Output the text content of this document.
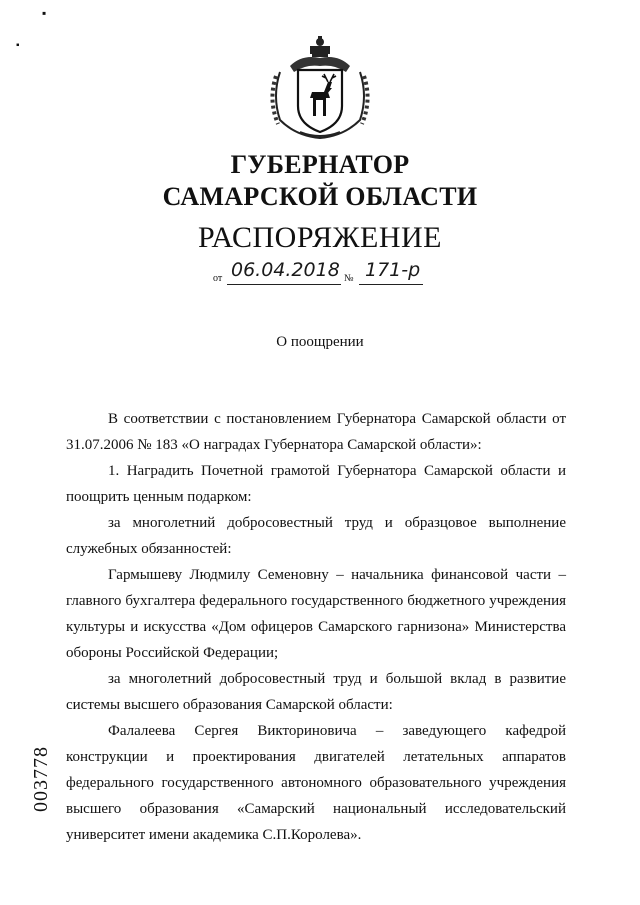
▪
▪
ГУБЕРНАТОР
САМАРСКОЙ ОБЛАСТИ
РАСПОРЯЖЕНИЕ
от 06.04.2018 № 171-р
О поощрении

В соответствии с постановлением Губернатора Самарской области от 31.07.2006 № 183 «О наградах Губернатора Самарской области»:

1. Наградить Почетной грамотой Губернатора Самарской области и поощрить ценным подарком:

за многолетний добросовестный труд и образцовое выполнение служебных обязанностей:

Гармышеву Людмилу Семеновну – начальника финансовой части – главного бухгалтера федерального государственного бюджетного учреждения культуры и искусства «Дом офицеров Самарского гарнизона» Министерства обороны Российской Федерации;

за многолетний добросовестный труд и большой вклад в развитие системы высшего образования Самарской области:

Фалалеева Сергея Викториновича – заведующего кафедрой конструкции и проектирования двигателей летательных аппаратов федерального государственного автономного образовательного учреждения высшего образования «Самарский национальный исследовательский университет имени академика С.П.Королева».

003778
